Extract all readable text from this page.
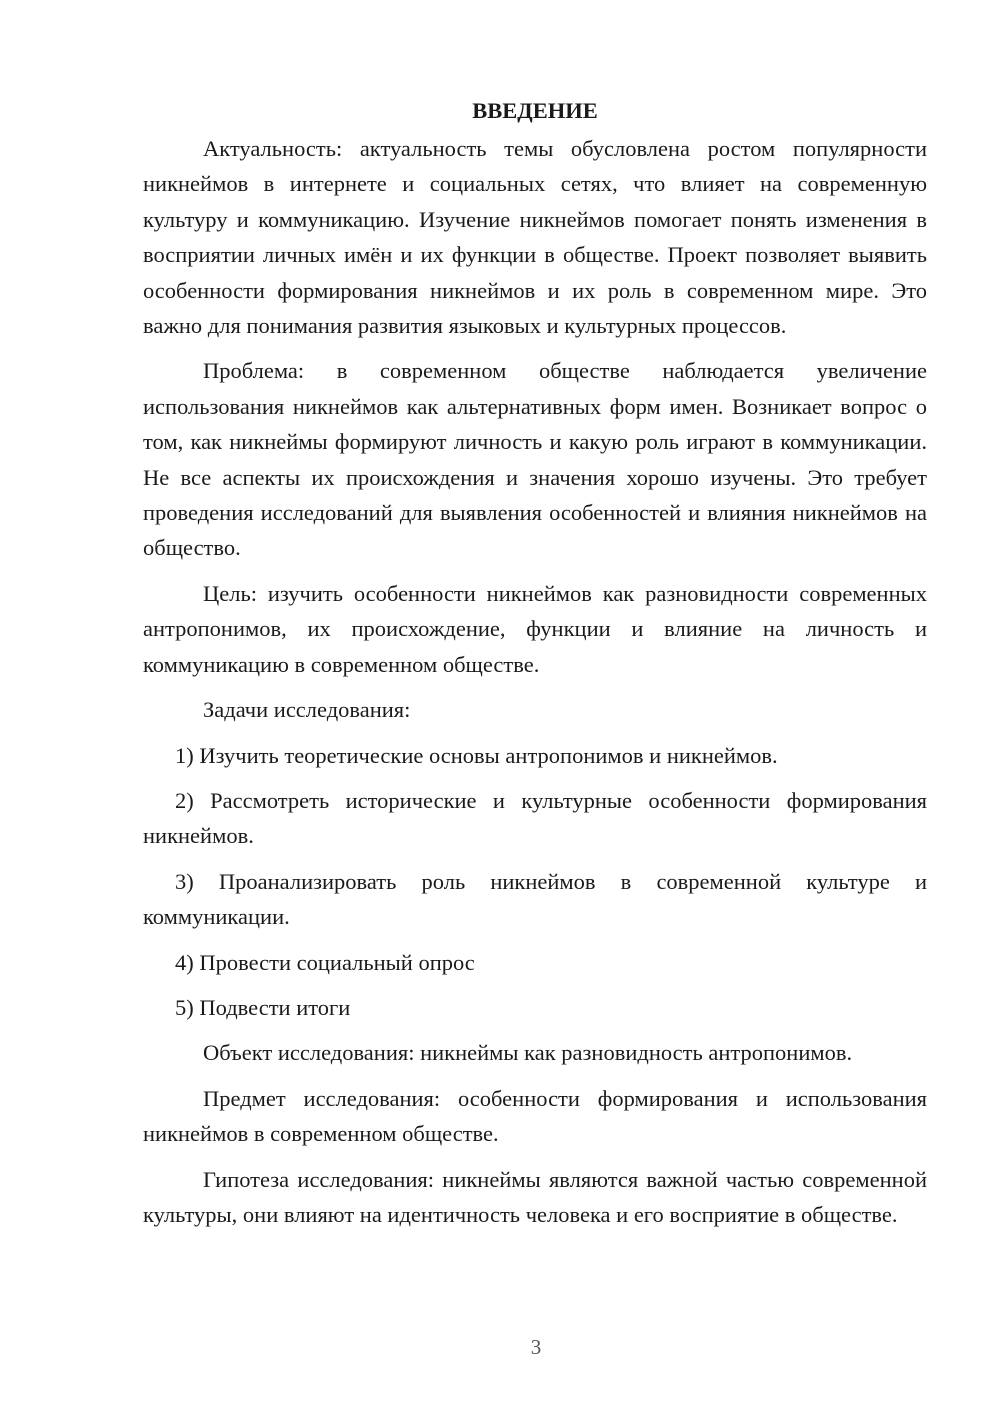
ВВЕДЕНИЕ

Актуальность: актуальность темы обусловлена ростом популярности никнеймов в интернете и социальных сетях, что влияет на современную культуру и коммуникацию. Изучение никнеймов помогает понять изменения в восприятии личных имён и их функции в обществе. Проект позволяет выявить особенности формирования никнеймов и их роль в современном мире. Это важно для понимания развития языковых и культурных процессов.

Проблема: в современном обществе наблюдается увеличение использования никнеймов как альтернативных форм имен. Возникает вопрос о том, как никнеймы формируют личность и какую роль играют в коммуникации. Не все аспекты их происхождения и значения хорошо изучены. Это требует проведения исследований для выявления особенностей и влияния никнеймов на общество.

Цель: изучить особенности никнеймов как разновидности современных антропонимов, их происхождение, функции и влияние на личность и коммуникацию в современном обществе.

Задачи исследования:

1) Изучить теоретические основы антропонимов и никнеймов.

2) Рассмотреть исторические и культурные особенности формирования никнеймов.

3) Проанализировать роль никнеймов в современной культуре и коммуникации.

4) Провести социальный опрос

5) Подвести итоги

Объект исследования: никнеймы как разновидность антропонимов.

Предмет исследования: особенности формирования и использования никнеймов в современном обществе.

Гипотеза исследования: никнеймы являются важной частью современной культуры, они влияют на идентичность человека и его восприятие в обществе.

3
